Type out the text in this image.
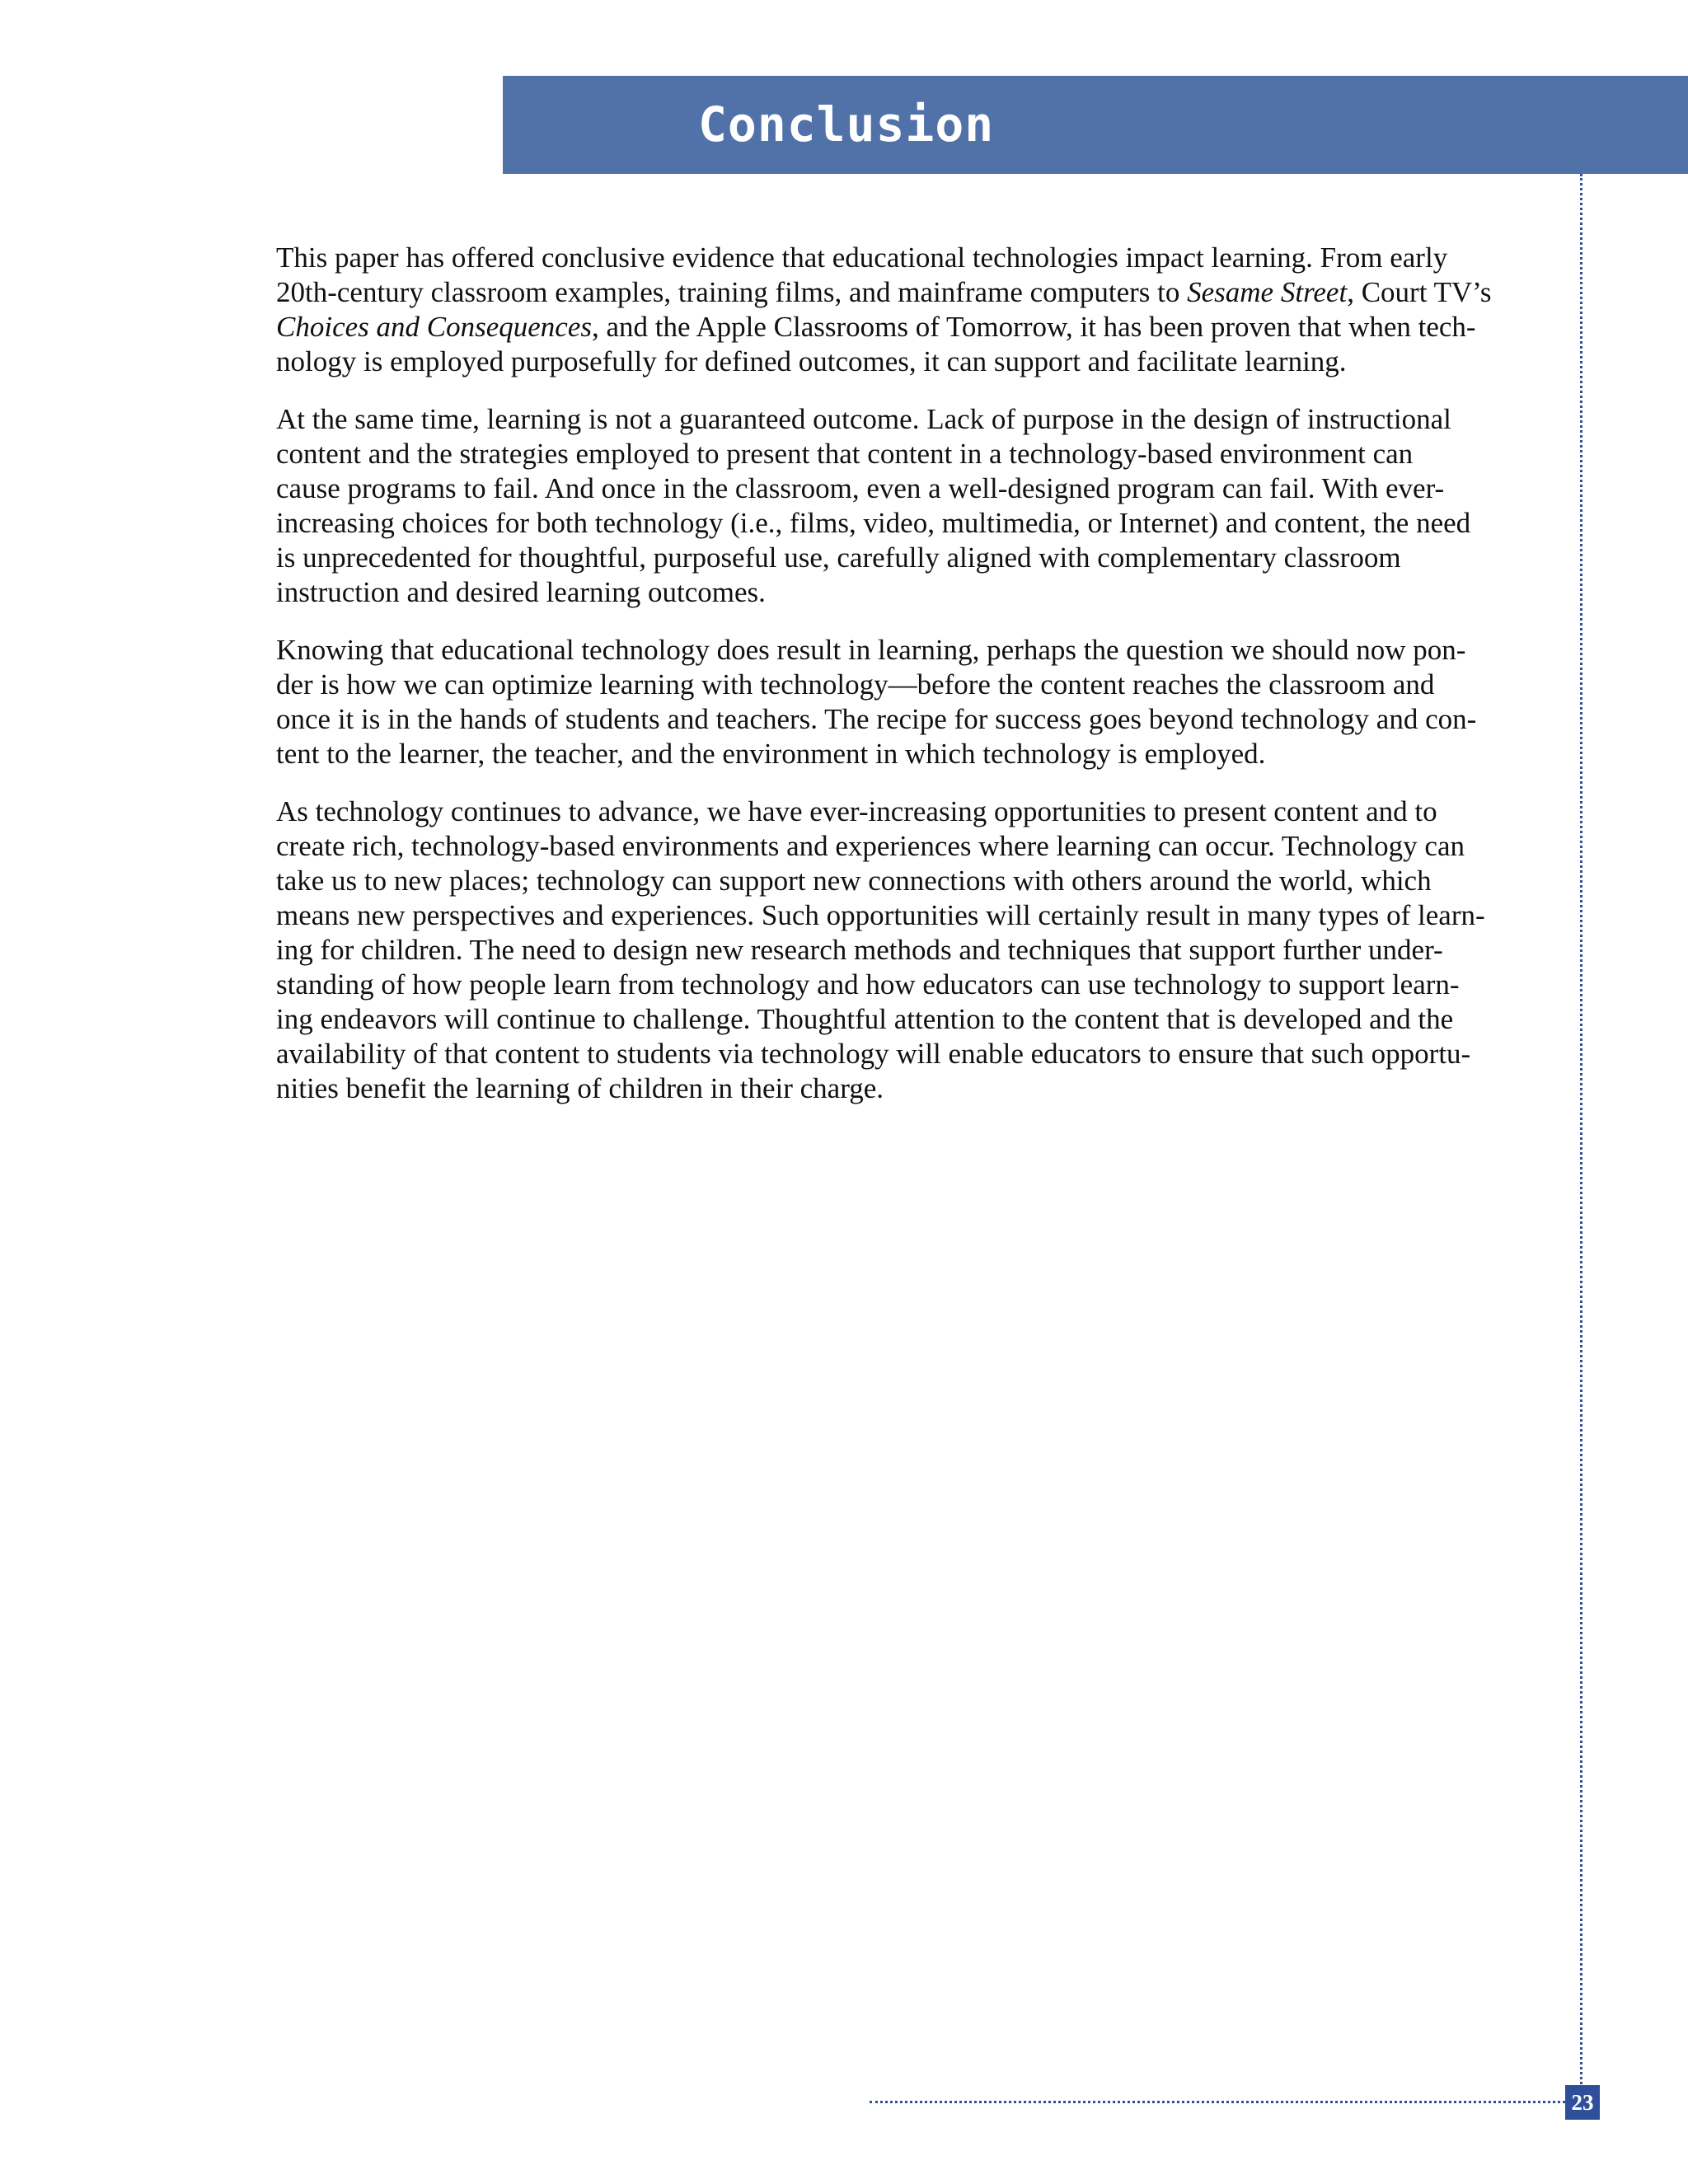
Conclusion
23

This paper has offered conclusive evidence that educational technologies impact learning. From early
20th-century classroom examples, training films, and mainframe computers to Sesame Street, Court TV’s
Choices and Consequences, and the Apple Classrooms of Tomorrow, it has been proven that when tech-
nology is employed purposefully for defined outcomes, it can support and facilitate learning.

At the same time, learning is not a guaranteed outcome. Lack of purpose in the design of instructional
content and the strategies employed to present that content in a technology-based environment can
cause programs to fail. And once in the classroom, even a well-designed program can fail. With ever-
increasing choices for both technology (i.e., films, video, multimedia, or Internet) and content, the need
is unprecedented for thoughtful, purposeful use, carefully aligned with complementary classroom
instruction and desired learning outcomes.

Knowing that educational technology does result in learning, perhaps the question we should now pon-
der is how we can optimize learning with technology—before the content reaches the classroom and
once it is in the hands of students and teachers. The recipe for success goes beyond technology and con-
tent to the learner, the teacher, and the environment in which technology is employed.

As technology continues to advance, we have ever-increasing opportunities to present content and to
create rich, technology-based environments and experiences where learning can occur. Technology can
take us to new places; technology can support new connections with others around the world, which
means new perspectives and experiences. Such opportunities will certainly result in many types of learn-
ing for children. The need to design new research methods and techniques that support further under-
standing of how people learn from technology and how educators can use technology to support learn-
ing endeavors will continue to challenge. Thoughtful attention to the content that is developed and the
availability of that content to students via technology will enable educators to ensure that such opportu-
nities benefit the learning of children in their charge.
